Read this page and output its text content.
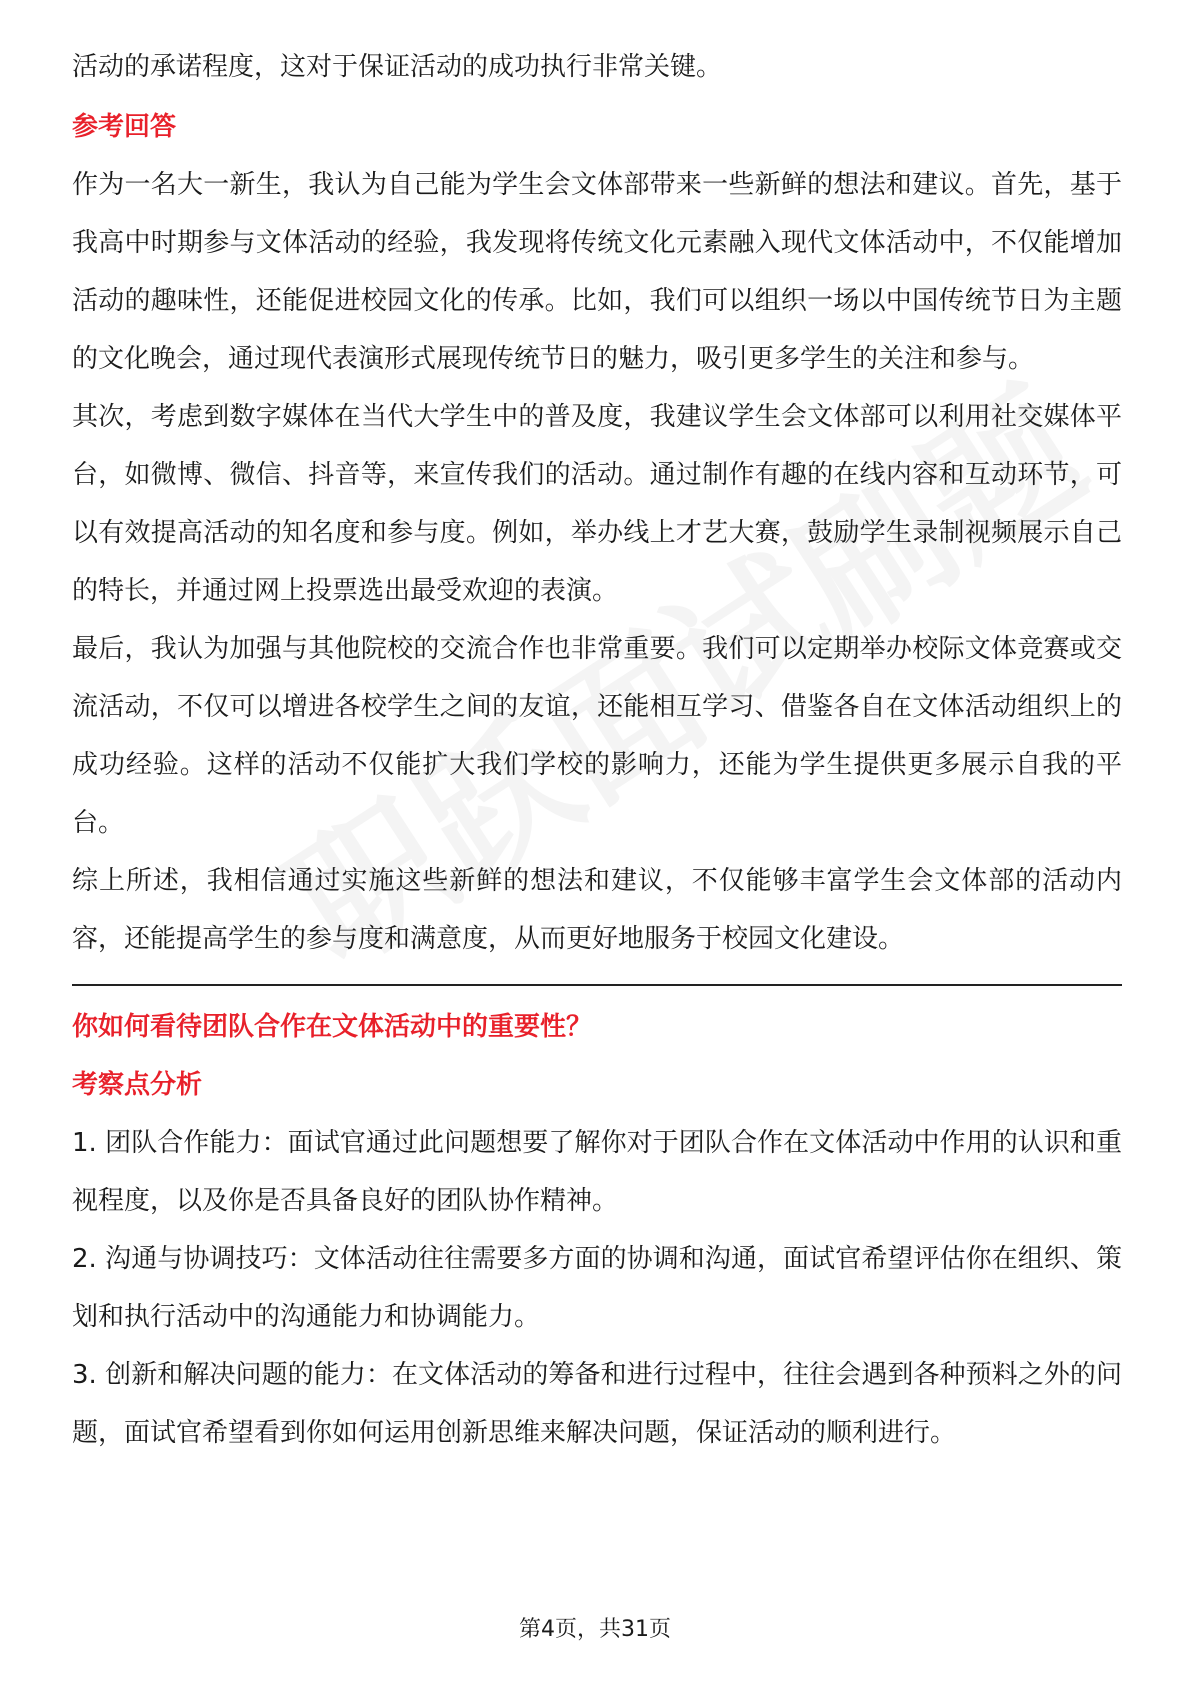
活动的承诺程度，这对于保证活动的成功执行非常关键。

参考回答

作为一名大一新生，我认为自己能为学生会文体部带来一些新鲜的想法和建议。首先，基于我高中时期参与文体活动的经验，我发现将传统文化元素融入现代文体活动中，不仅能增加活动的趣味性，还能促进校园文化的传承。比如，我们可以组织一场以中国传统节日为主题的文化晚会，通过现代表演形式展现传统节日的魅力，吸引更多学生的关注和参与。

其次，考虑到数字媒体在当代大学生中的普及度，我建议学生会文体部可以利用社交媒体平台，如微博、微信、抖音等，来宣传我们的活动。通过制作有趣的在线内容和互动环节，可以有效提高活动的知名度和参与度。例如，举办线上才艺大赛，鼓励学生录制视频展示自己的特长，并通过网上投票选出最受欢迎的表演。

最后，我认为加强与其他院校的交流合作也非常重要。我们可以定期举办校际文体竞赛或交流活动，不仅可以增进各校学生之间的友谊，还能相互学习、借鉴各自在文体活动组织上的成功经验。这样的活动不仅能扩大我们学校的影响力，还能为学生提供更多展示自我的平台。

综上所述，我相信通过实施这些新鲜的想法和建议，不仅能够丰富学生会文体部的活动内容，还能提高学生的参与度和满意度，从而更好地服务于校园文化建设。

你如何看待团队合作在文体活动中的重要性？

考察点分析

1. 团队合作能力：面试官通过此问题想要了解你对于团队合作在文体活动中作用的认识和重视程度，以及你是否具备良好的团队协作精神。

2. 沟通与协调技巧：文体活动往往需要多方面的协调和沟通，面试官希望评估你在组织、策划和执行活动中的沟通能力和协调能力。

3. 创新和解决问题的能力：在文体活动的筹备和进行过程中，往往会遇到各种预料之外的问题，面试官希望看到你如何运用创新思维来解决问题，保证活动的顺利进行。

第4页，共31页
